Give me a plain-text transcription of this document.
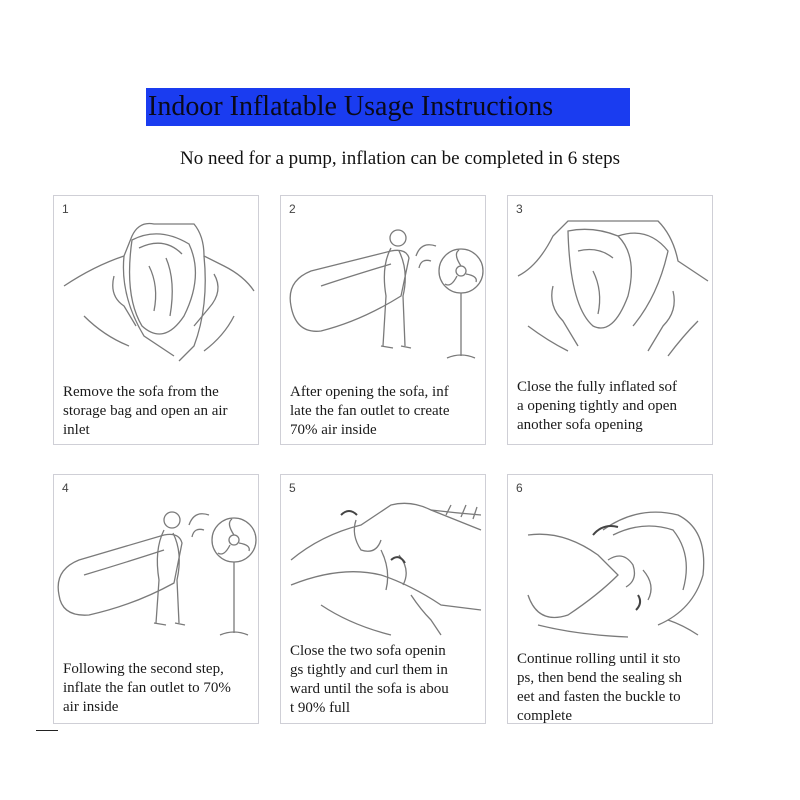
Indoor Inflatable Usage Instructions
No need for a pump, inflation can be completed in 6 steps
1
Remove the sofa from the
storage bag and open an air
inlet
2
After opening the sofa, inf
late the fan outlet to create
70% air inside
3
Close the fully inflated sof
a opening tightly and open
another sofa opening
4
Following the second step,
inflate the fan outlet to 70%
air inside
5
Close the two sofa openin
gs tightly and curl them in
ward until the sofa is abou
t 90% full
6
Continue rolling until it sto
ps, then bend the sealing sh
eet and fasten the buckle to
complete
